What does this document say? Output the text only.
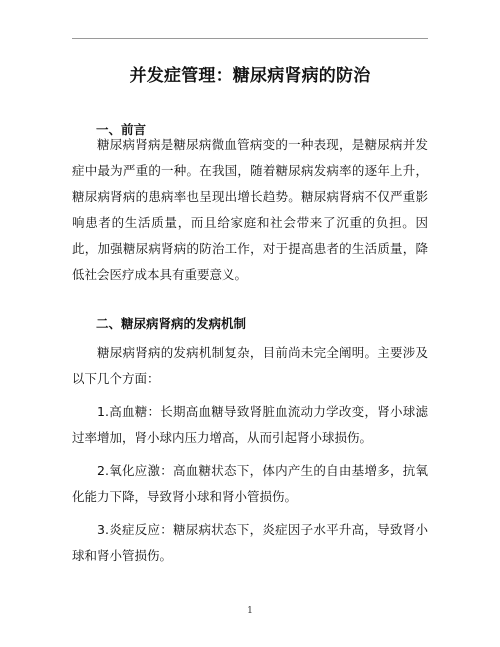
并发症管理：糖尿病肾病的防治
一、前言

糖尿病肾病是糖尿病微血管病变的一种表现，是糖尿病并发症中最为严重的一种。在我国，随着糖尿病发病率的逐年上升，糖尿病肾病的患病率也呈现出增长趋势。糖尿病肾病不仅严重影响患者的生活质量，而且给家庭和社会带来了沉重的负担。因此，加强糖尿病肾病的防治工作，对于提高患者的生活质量，降低社会医疗成本具有重要意义。

二、糖尿病肾病的发病机制

糖尿病肾病的发病机制复杂，目前尚未完全阐明。主要涉及以下几个方面：

1.高血糖：长期高血糖导致肾脏血流动力学改变，肾小球滤过率增加，肾小球内压力增高，从而引起肾小球损伤。

2.氧化应激：高血糖状态下，体内产生的自由基增多，抗氧化能力下降，导致肾小球和肾小管损伤。

3.炎症反应：糖尿病状态下，炎症因子水平升高，导致肾小球和肾小管损伤。

1
